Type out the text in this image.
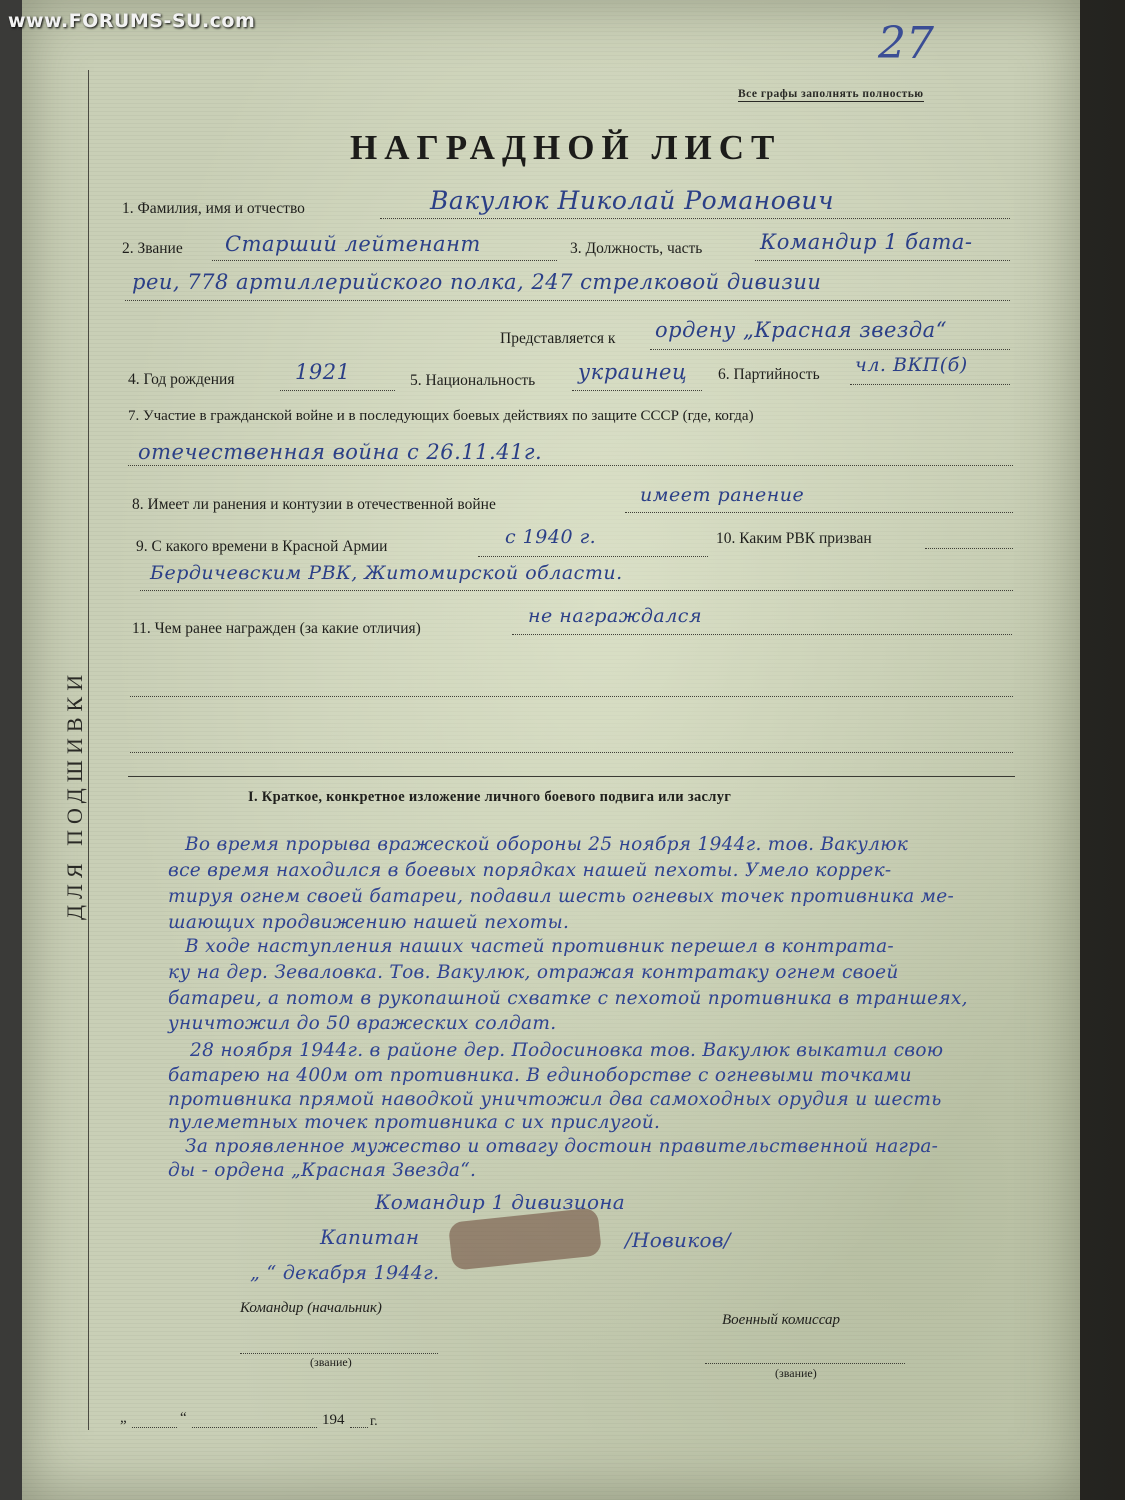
www.FORUMS-SU.com	27
Все графы заполнять полностью
НАГРАДНОЙ ЛИСТ
ДЛЯ ПОДШИВКИ
1. Фамилия, имя и отчество	Вакулюк Николай Романович
2. Звание Старший лейтенант	3. Должность, часть	Командир 1 бата-
реи, 778 артиллерийского полка, 247 стрелковой дивизии
Представляется к ордену „Красная звезда“
4. Год рождения	1921	5. Национальность украинец 6. Партийность чл. ВКП(б)
7. Участие в гражданской войне и в последующих боевых действиях по защите СССР (где, когда)
отечественная война с 26.11.41г.
8. Имеет ли ранения и контузии в отечественной войне	имеет ранение
9. С какого времени в Красной Армии	с 1940 г.	10. Каким РВК призван
Бердичевским РВК, Житомирской области.
11. Чем ранее награжден (за какие отличия)
не награждался
I. Краткое, конкретное изложение личного боевого подвига или заслуг
Во время прорыва вражеской обороны 25 ноября 1944г. тов. Вакулюк
все время находился в боевых порядках нашей пехоты. Умело коррек-
тируя огнем своей батареи, подавил шесть огневых точек противника ме-
шающих продвижению нашей пехоты.
В ходе наступления наших частей противник перешел в контрата-
ку на дер. Зеваловка. Тов. Вакулюк, отражая контратаку огнем своей
батареи, а потом в рукопашной схватке с пехотой противника в траншеях,
уничтожил до 50 вражеских солдат.
28 ноября 1944г. в районе дер. Подосиновка тов. Вакулюк выкатил свою
батарею на 400м от противника. В единоборстве с огневыми точками
противника прямой наводкой уничтожил два самоходных орудия и шесть
пулеметных точек противника с их прислугой.
За проявленное мужество и отвагу достоин правительственной награ-
ды - ордена „Красная Звезда“.
Командир 1 дивизиона
Капитан	/Новиков/
„ “ декабря 1944г.
Командир (начальник)
(звание)
Военный комиссар
(звание)
„	“	194 г.
